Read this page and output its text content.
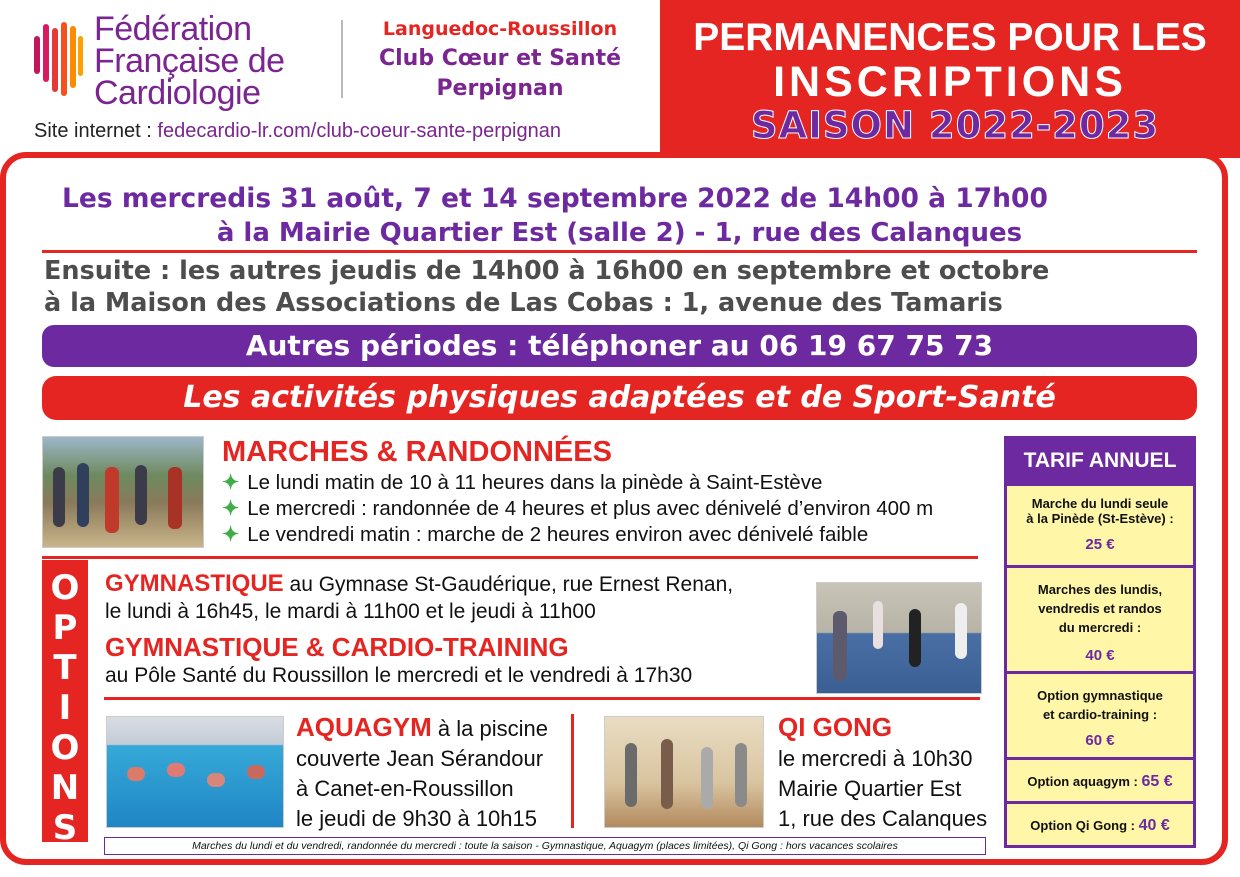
Fédération
Française de
Cardiologie
Languedoc-Roussillon
Club Cœur et Santé
Perpignan
Site internet : fedecardio-lr.com/club-coeur-sante-perpignan
PERMANENCES POUR LES
INSCRIPTIONS
SAISON 2022-2023
Les mercredis 31 août, 7 et 14 septembre 2022 de 14h00 à 17h00
à la Mairie Quartier Est (salle 2) - 1, rue des Calanques
Ensuite : les autres jeudis de 14h00 à 16h00 en septembre et octobre
à la Maison des Associations de Las Cobas : 1, avenue des Tamaris
Autres périodes : téléphoner au 06 19 67 75 73
Les activités physiques adaptées et de Sport-Santé
MARCHES & RANDONNÉES
✦ Le lundi matin de 10 à 11 heures dans la pinède à Saint-Estève
✦ Le mercredi : randonnée de 4 heures et plus avec dénivelé d’environ 400 m
✦ Le vendredi matin : marche de 2 heures environ avec dénivelé faible
O
P
T
I
O
N
S
GYMNASTIQUE au Gymnase St-Gaudérique, rue Ernest Renan,
le lundi à 16h45, le mardi à 11h00 et le jeudi à 11h00
GYMNASTIQUE & CARDIO-TRAINING
au Pôle Santé du Roussillon le mercredi et le vendredi à 17h30
AQUAGYM à la piscine
couverte Jean Sérandour
à Canet-en-Roussillon
le jeudi de 9h30 à 10h15
QI GONG
le mercredi à 10h30
Mairie Quartier Est
1, rue des Calanques
Marches du lundi et du vendredi, randonnée du mercredi : toute la saison - Gymnastique, Aquagym (places limitées), Qi Gong : hors vacances scolaires
TARIF ANNUEL
Marche du lundi seule
à la Pinède (St-Estève) :
25 €
Marches des lundis,
vendredis et randos
du mercredi :
40 €
Option gymnastique
et cardio-training :
60 €
Option aquagym : 65 €
Option Qi Gong : 40 €
